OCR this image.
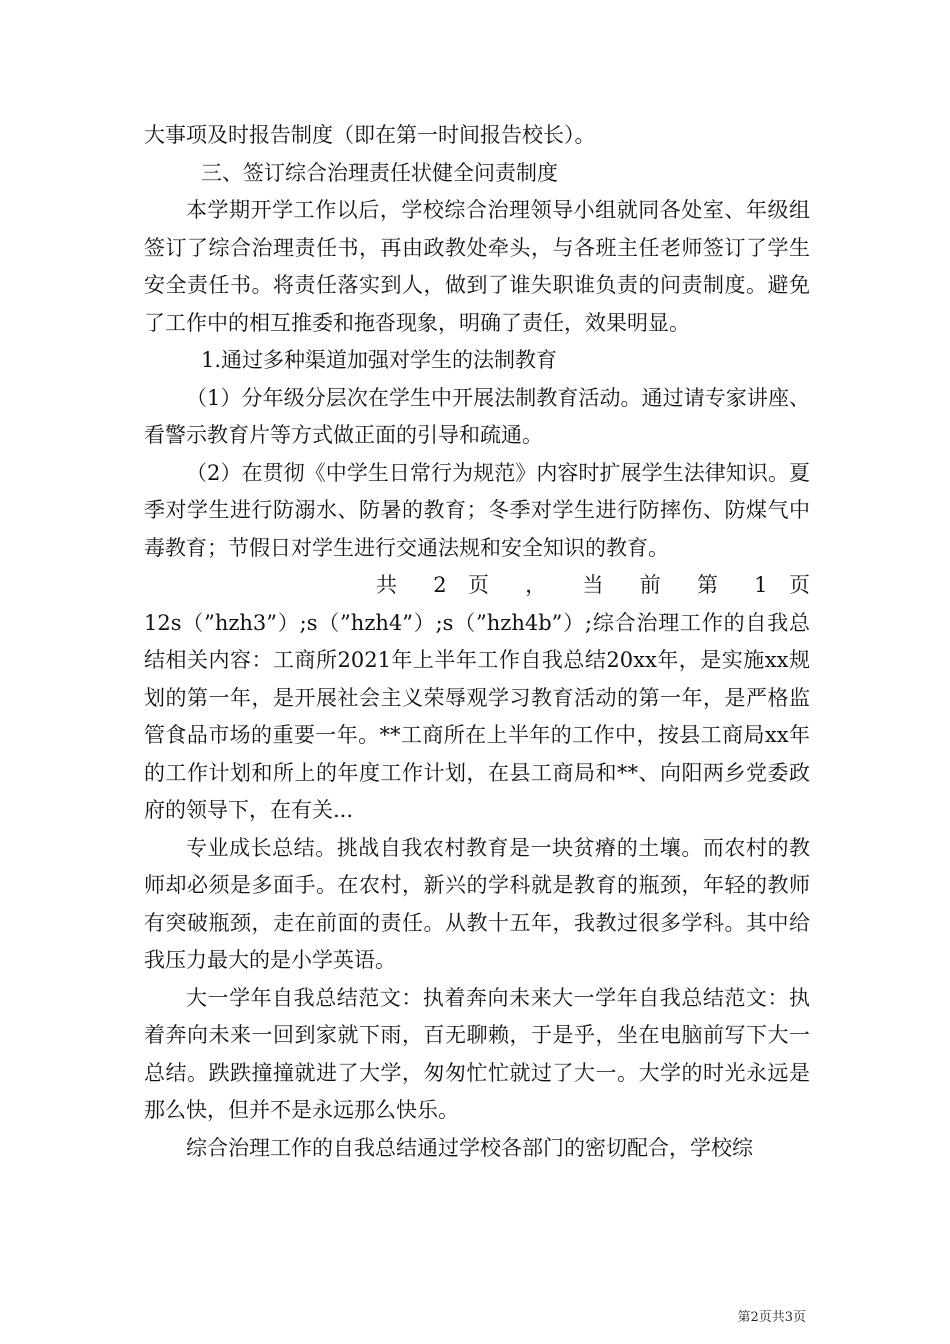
大事项及时报告制度（即在第一时间报告校长）。

三、签订综合治理责任状健全问责制度

本学期开学工作以后，学校综合治理领导小组就同各处室、年级组签订了综合治理责任书，再由政教处牵头，与各班主任老师签订了学生安全责任书。将责任落实到人，做到了谁失职谁负责的问责制度。避免了工作中的相互推委和拖沓现象，明确了责任，效果明显。

1.通过多种渠道加强对学生的法制教育

（1）分年级分层次在学生中开展法制教育活动。通过请专家讲座、看警示教育片等方式做正面的引导和疏通。

（2）在贯彻《中学生日常行为规范》内容时扩展学生法律知识。夏季对学生进行防溺水、防暑的教育；冬季对学生进行防摔伤、防煤气中毒教育；节假日对学生进行交通法规和安全知识的教育。

共 2 页 ， 当 前 第 1 页

12s（”hzh3”）;s（”hzh4”）;s（”hzh4b”）;综合治理工作的自我总结相关内容：工商所2021年上半年工作自我总结20xx年，是实施xx规划的第一年，是开展社会主义荣辱观学习教育活动的第一年，是严格监管食品市场的重要一年。**工商所在上半年的工作中，按县工商局xx年的工作计划和所上的年度工作计划，在县工商局和**、向阳两乡党委政府的领导下，在有关...

专业成长总结。挑战自我农村教育是一块贫瘠的土壤。而农村的教师却必须是多面手。在农村，新兴的学科就是教育的瓶颈，年轻的教师有突破瓶颈，走在前面的责任。从教十五年，我教过很多学科。其中给我压力最大的是小学英语。

大一学年自我总结范文：执着奔向未来大一学年自我总结范文：执着奔向未来一回到家就下雨，百无聊赖，于是乎，坐在电脑前写下大一总结。跌跌撞撞就进了大学，匆匆忙忙就过了大一。大学的时光永远是那么快，但并不是永远那么快乐。

综合治理工作的自我总结通过学校各部门的密切配合，学校综

第2页共3页
